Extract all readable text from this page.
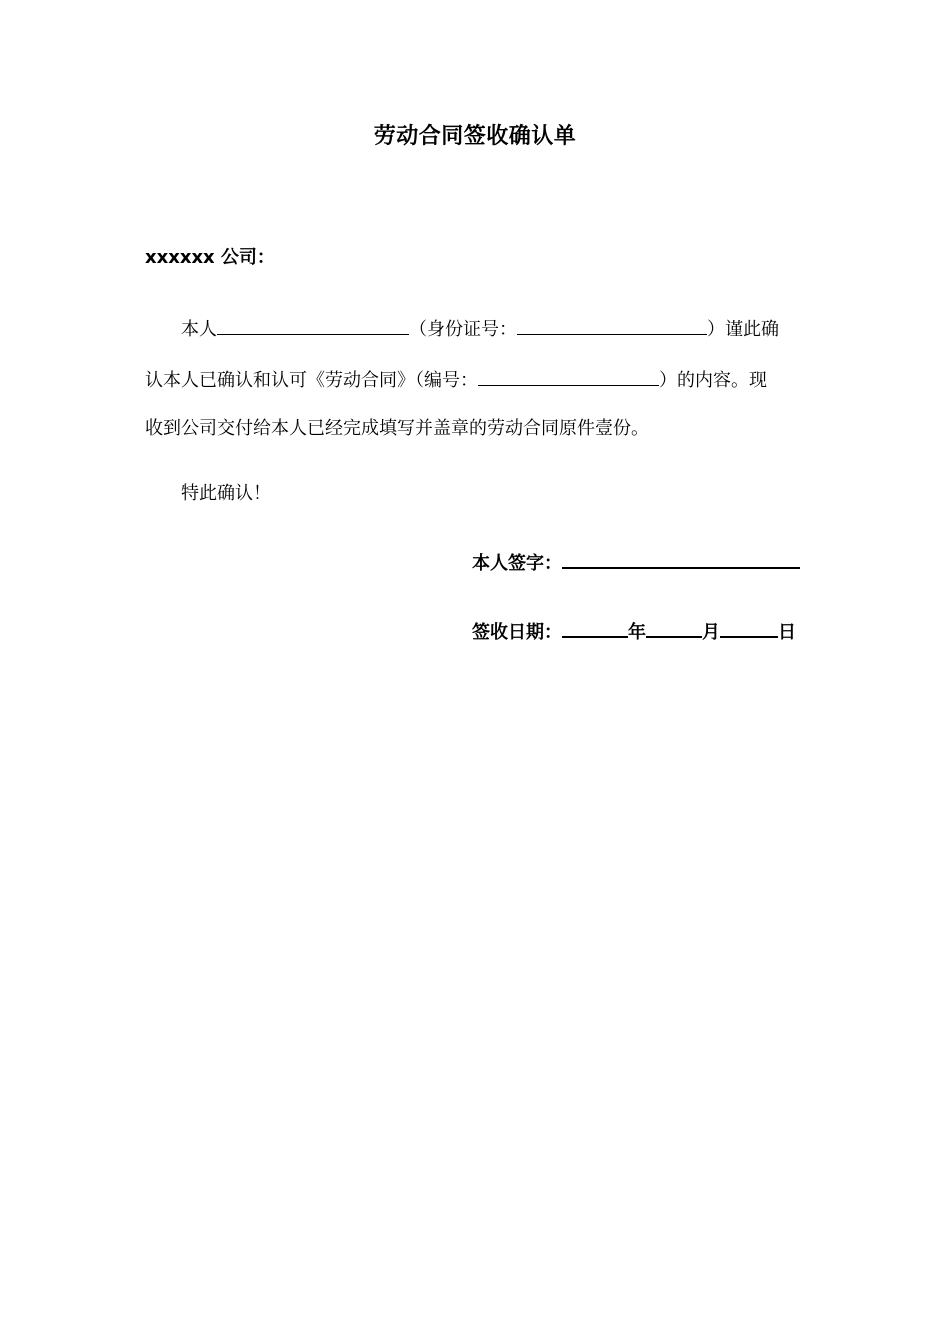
劳动合同签收确认单
xxxxxx 公司：
本人	（身份证号：	）谨此确
认本人已确认和认可《劳动合同》（编号：	）的内容。现
收到公司交付给本人已经完成填写并盖章的劳动合同原件壹份。
特此确认！
本人签字：
签收日期：	年	月	日
